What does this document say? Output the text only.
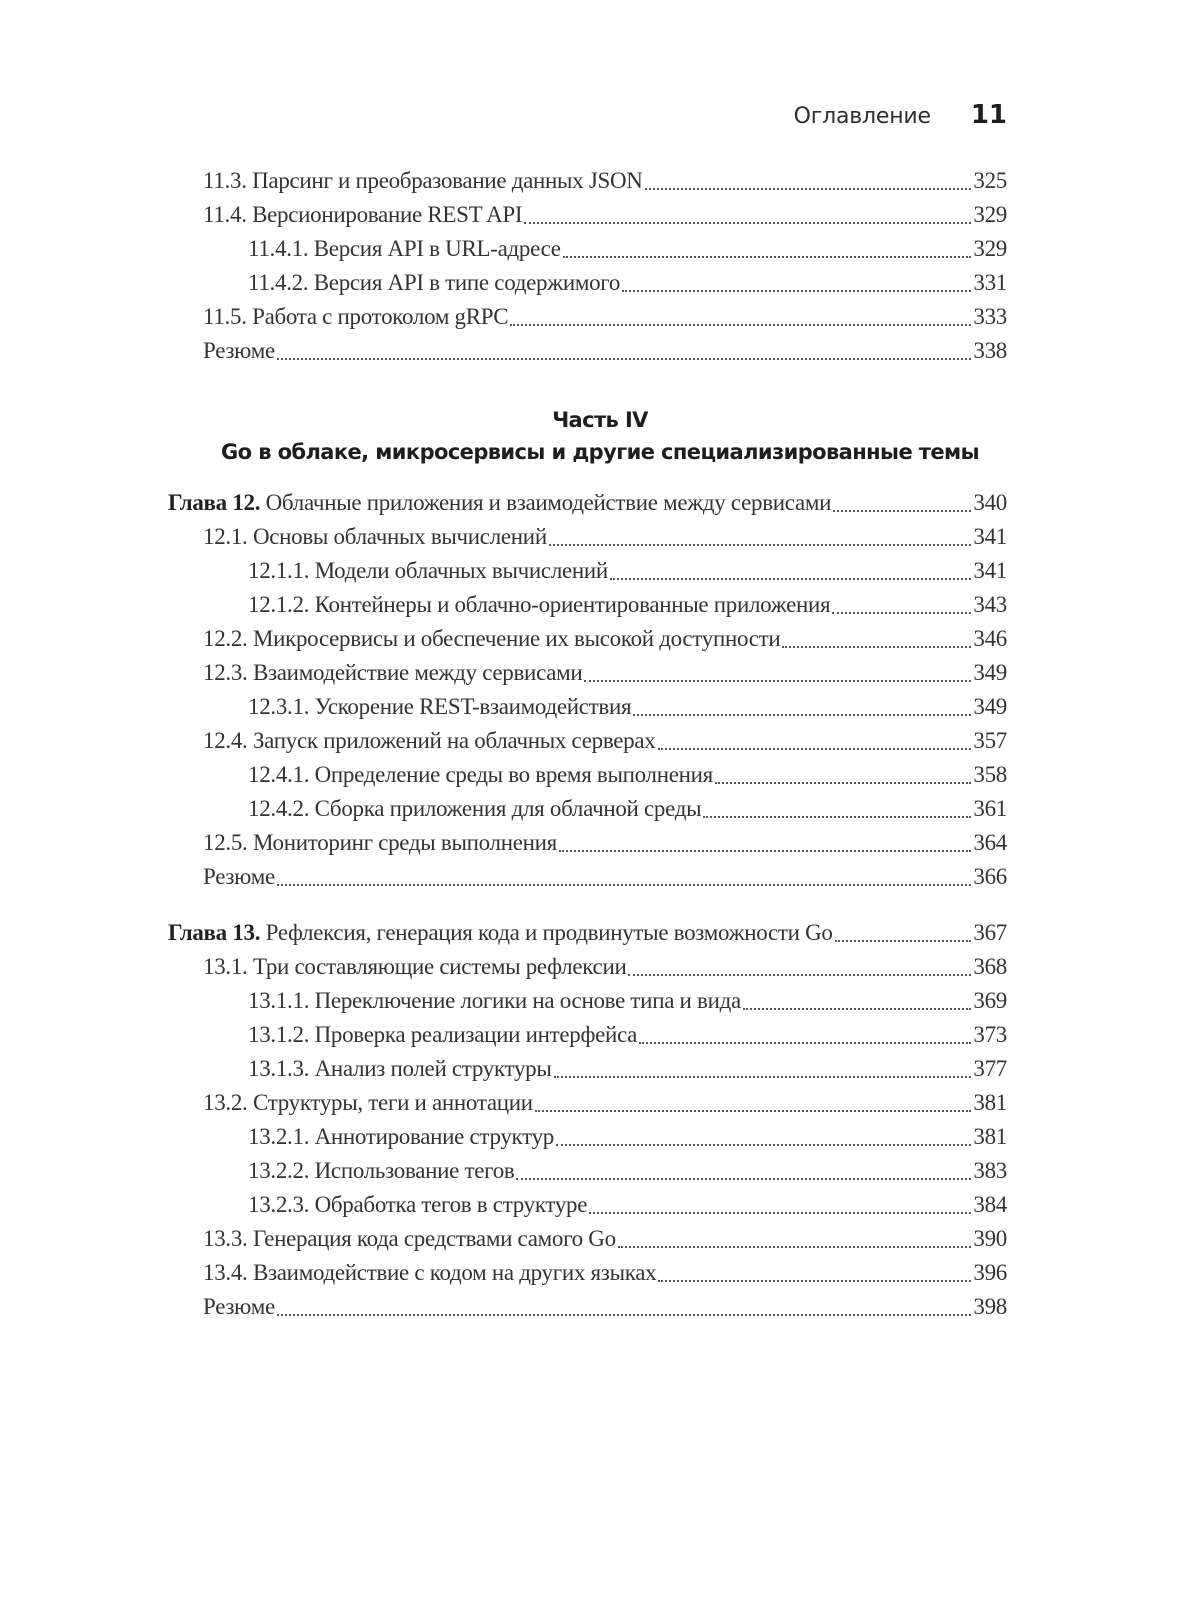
Оглавление 11
11.3. Парсинг и преобразование данных JSON	325
11.4. Версионирование REST API	329
11.4.1. Версия API в URL-адресе	329
11.4.2. Версия API в типе содержимого	331
11.5. Работа с протоколом gRPC	333
Резюме	338
Часть IV
Go в облаке, микросервисы и другие специализированные темы
Глава 12. Облачные приложения и взаимодействие между сервисами	340
12.1. Основы облачных вычислений	341
12.1.1. Модели облачных вычислений	341
12.1.2. Контейнеры и облачно-ориентированные приложения	343
12.2. Микросервисы и обеспечение их высокой доступности	346
12.3. Взаимодействие между сервисами	349
12.3.1. Ускорение REST-взаимодействия	349
12.4. Запуск приложений на облачных серверах	357
12.4.1. Определение среды во время выполнения	358
12.4.2. Сборка приложения для облачной среды	361
12.5. Мониторинг среды выполнения	364
Резюме	366
Глава 13. Рефлексия, генерация кода и продвинутые возможности Go	367
13.1. Три составляющие системы рефлексии	368
13.1.1. Переключение логики на основе типа и вида	369
13.1.2. Проверка реализации интерфейса	373
13.1.3. Анализ полей структуры	377
13.2. Структуры, теги и аннотации	381
13.2.1. Аннотирование структур	381
13.2.2. Использование тегов	383
13.2.3. Обработка тегов в структуре	384
13.3. Генерация кода средствами самого Go	390
13.4. Взаимодействие с кодом на других языках	396
Резюме	398
